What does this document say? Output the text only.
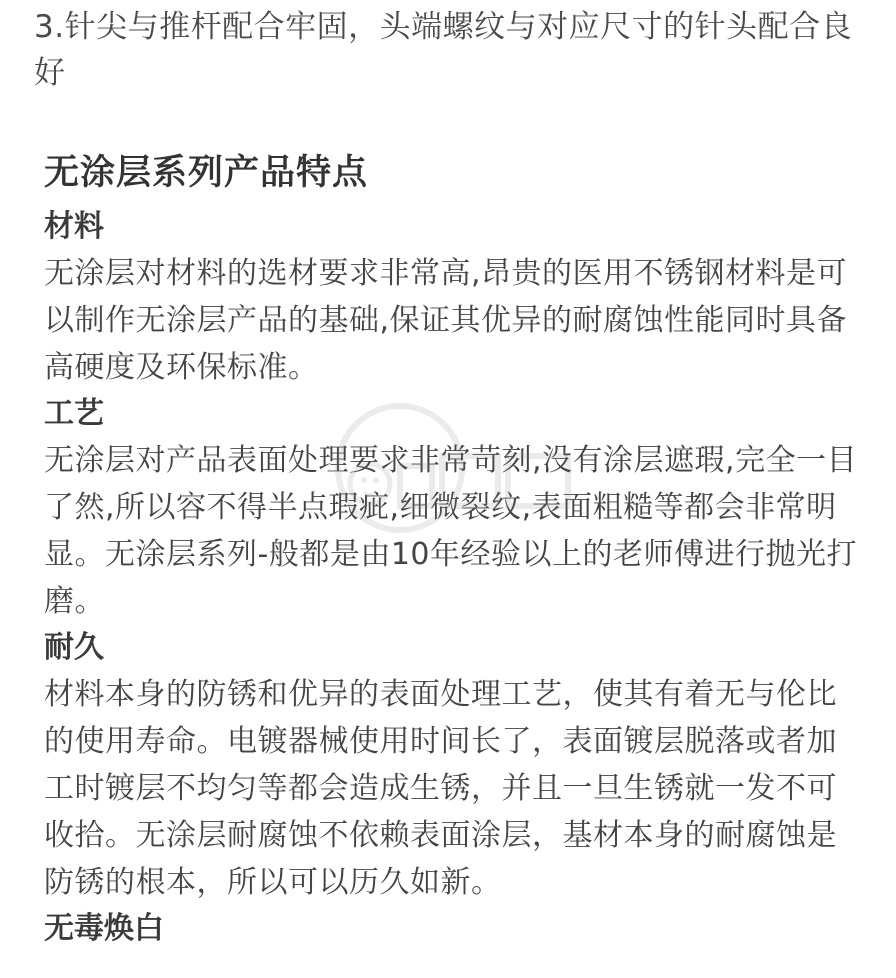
3.针尖与推杆配合牢固，头端螺纹与对应尺寸的针头配合良好

无涂层系列产品特点
材料

无涂层对材料的选材要求非常高,昂贵的医用不锈钢材料是可以制作无涂层产品的基础,保证其优异的耐腐蚀性能同时具备高硬度及环保标准。

工艺

无涂层对产品表面处理要求非常苛刻,没有涂层遮瑕,完全一目了然,所以容不得半点瑕疵,细微裂纹,表面粗糙等都会非常明显。无涂层系列-般都是由10年经验以上的老师傅进行抛光打磨。

耐久

材料本身的防锈和优异的表面处理工艺，使其有着无与伦比的使用寿命。电镀器械使用时间长了，表面镀层脱落或者加工时镀层不均匀等都会造成生锈，并且一旦生锈就一发不可收拾。无涂层耐腐蚀不依赖表面涂层，基材本身的耐腐蚀是防锈的根本，所以可以历久如新。

无毒焕白
